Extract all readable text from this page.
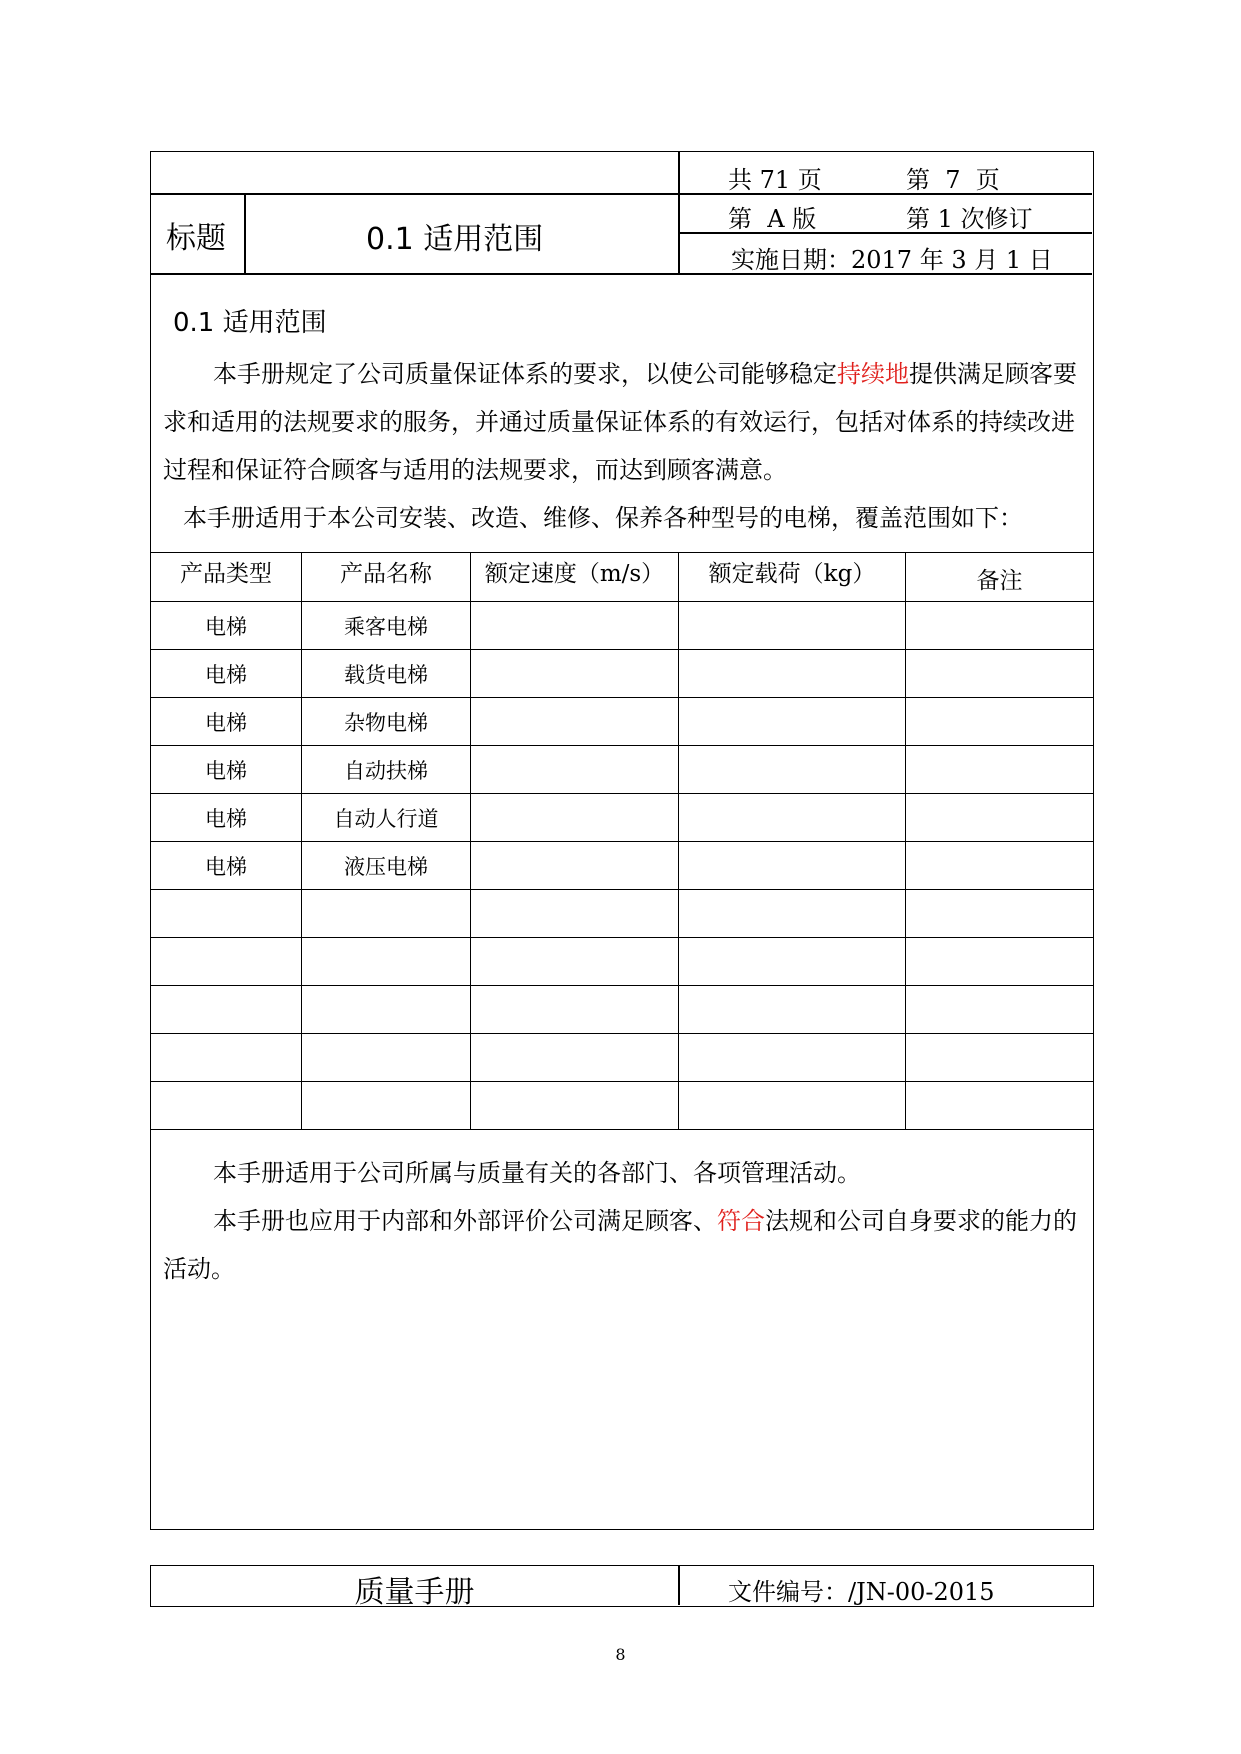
共 71 页	第  7  页
标题	0.1 适用范围
第  A 版	第 1 次修订
实施日期：2017 年 3 月 1 日
0.1 适用范围
本手册规定了公司质量保证体系的要求，以使公司能够稳定持续地提供满足顾客要求和适用的法规要求的服务，并通过质量保证体系的有效运行，包括对体系的持续改进过程和保证符合顾客与适用的法规要求，而达到顾客满意。
本手册适用于本公司安装、改造、维修、保养各种型号的电梯，覆盖范围如下：
产品类型	产品名称	额定速度（m/s）	额定载荷（kg）	备注
电梯	乘客电梯			
电梯	载货电梯			
电梯	杂物电梯			
电梯	自动扶梯			
电梯	自动人行道			
电梯	液压电梯			

本手册适用于公司所属与质量有关的各部门、各项管理活动。
本手册也应用于内部和外部评价公司满足顾客、符合法规和公司自身要求的能力的活动。
质量手册	文件编号：/JN-00-2015
8
